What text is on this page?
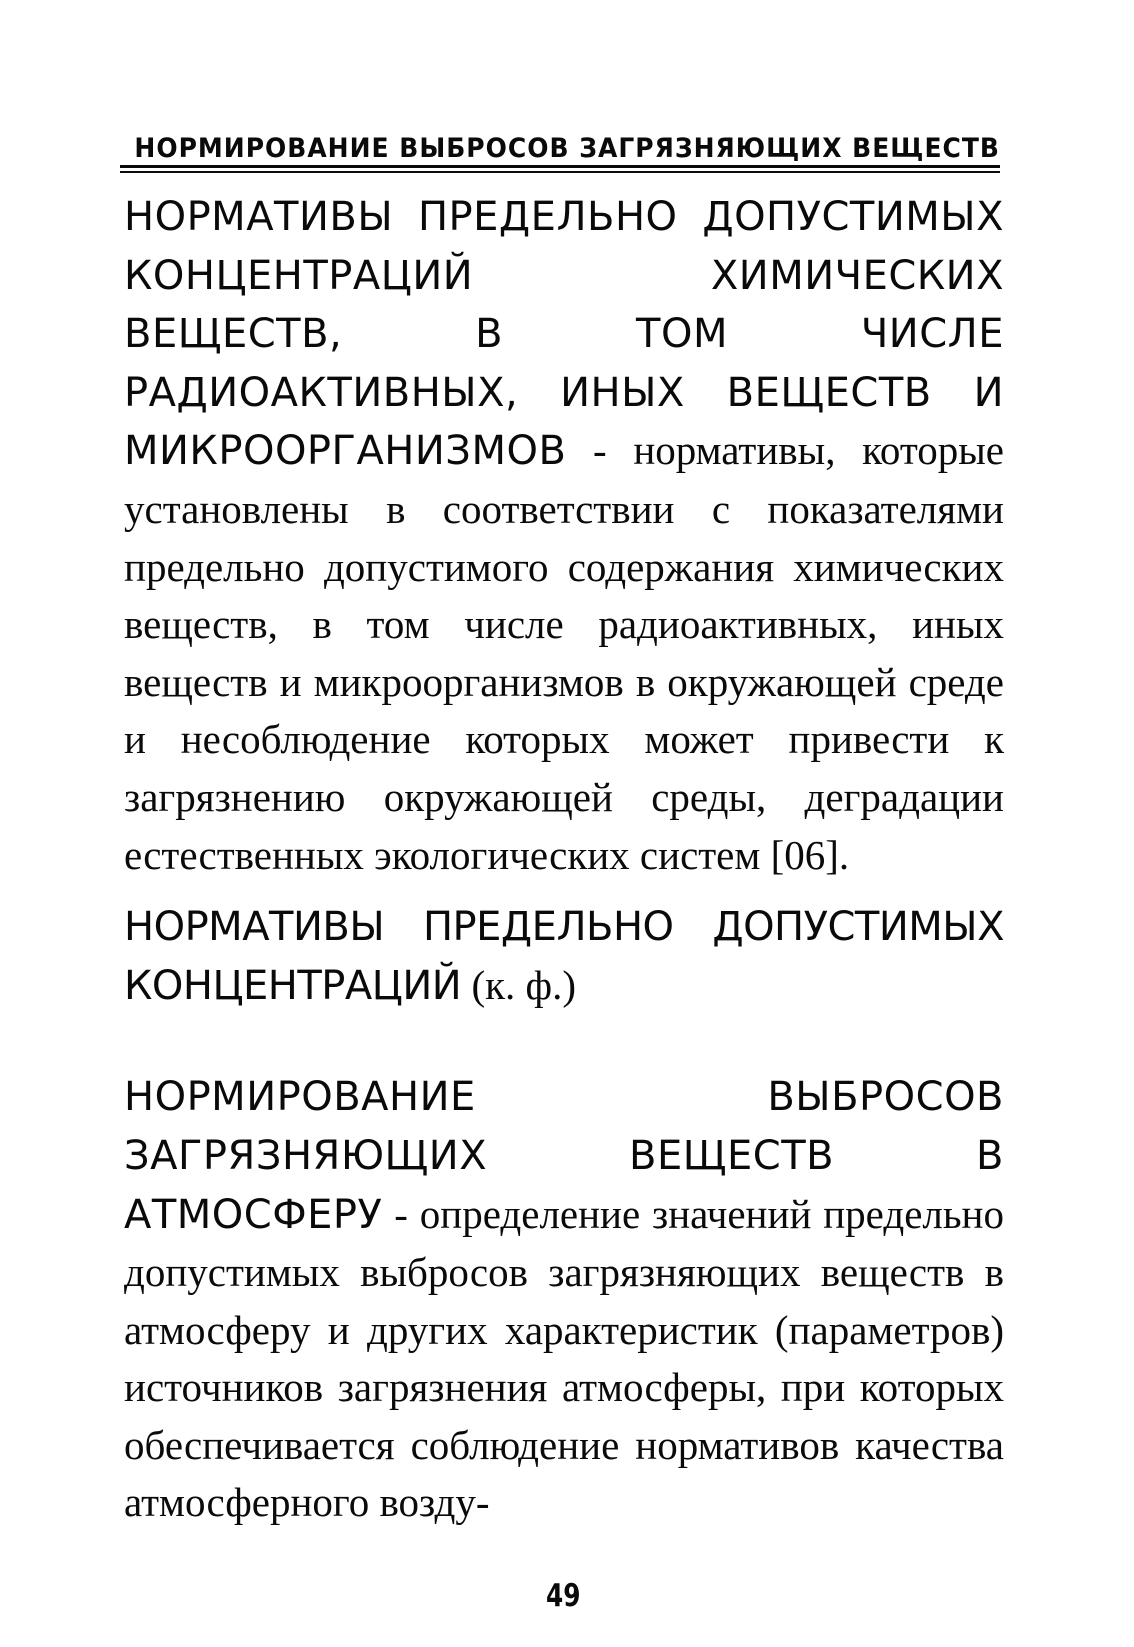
НОРМИРОВАНИЕ ВЫБРОСОВ ЗАГРЯЗНЯЮЩИХ ВЕЩЕСТВ

НОРМАТИВЫ ПРЕДЕЛЬНО ДОПУСТИМЫХ КОНЦЕНТРАЦИЙ ХИМИЧЕСКИХ ВЕЩЕСТВ, В ТОМ ЧИСЛЕ РАДИОАКТИВНЫХ, ИНЫХ ВЕЩЕСТВ И МИКРООРГАНИЗМОВ - нормативы, которые установлены в соответствии с показателями предельно допустимого содержания химических веществ, в том числе радиоактивных, иных веществ и микроорганизмов в окружающей среде и несоблюдение которых может привести к загрязнению окружающей среды, деградации естественных экологических систем [06].

НОРМАТИВЫ ПРЕДЕЛЬНО ДОПУСТИМЫХ КОНЦЕНТРАЦИЙ (к. ф.)

НОРМИРОВАНИЕ ВЫБРОСОВ ЗАГРЯЗНЯЮЩИХ ВЕЩЕСТВ В АТМОСФЕРУ - определение значений предельно допустимых выбросов загрязняющих веществ в атмосферу и других характеристик (параметров) источников загрязнения атмосферы, при которых обеспечивается соблюдение нормативов качества атмосферного возду-

49
